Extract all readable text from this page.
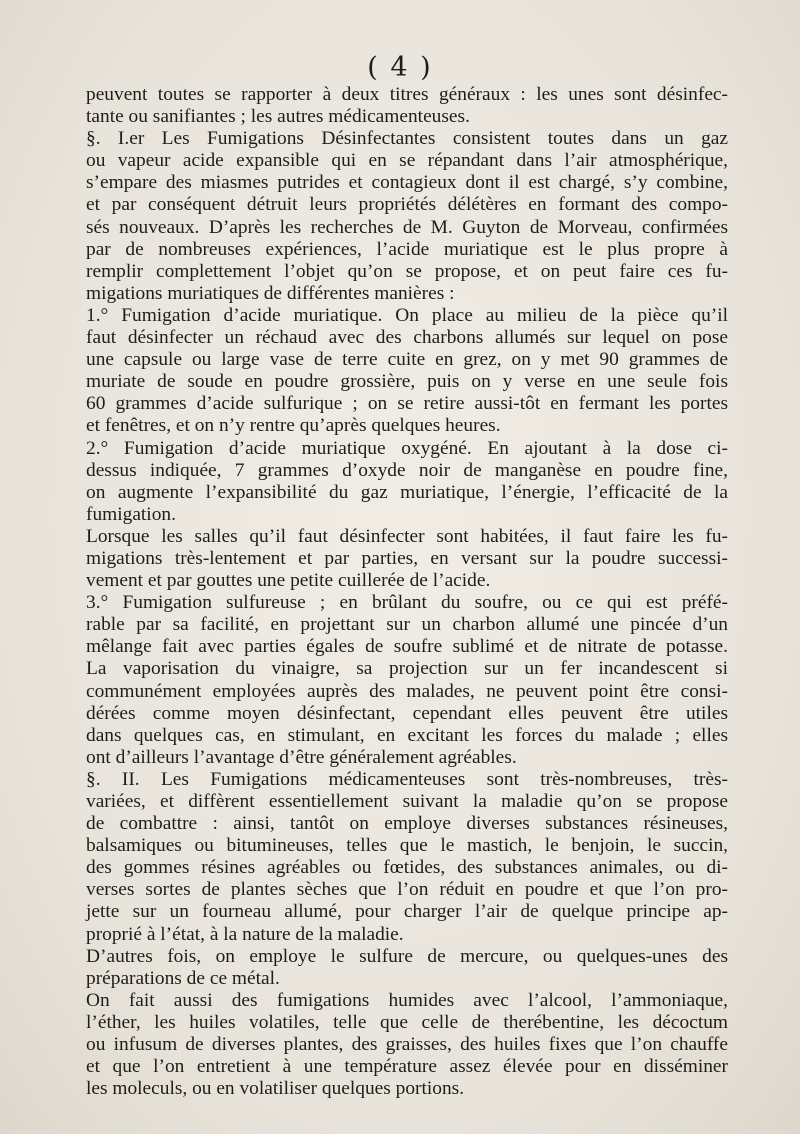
( 4 )
peuvent toutes se rapporter à deux titres généraux : les unes sont désinfec-
tante ou sanifiantes ; les autres médicamenteuses.
§. I.er Les Fumigations Désinfectantes consistent toutes dans un gaz
ou vapeur acide expansible qui en se répandant dans l’air atmosphérique,
s’empare des miasmes putrides et contagieux dont il est chargé, s’y combine,
et par conséquent détruit leurs propriétés délétères en formant des compo-
sés nouveaux. D’après les recherches de M. Guyton de Morveau, confirmées
par de nombreuses expériences, l’acide muriatique est le plus propre à
remplir complettement l’objet qu’on se propose, et on peut faire ces fu-
migations muriatiques de différentes manières :
1.° Fumigation d’acide muriatique. On place au milieu de la pièce qu’il
faut désinfecter un réchaud avec des charbons allumés sur lequel on pose
une capsule ou large vase de terre cuite en grez, on y met 90 grammes de
muriate de soude en poudre grossière, puis on y verse en une seule fois
60 grammes d’acide sulfurique ; on se retire aussi-tôt en fermant les portes
et fenêtres, et on n’y rentre qu’après quelques heures.
2.° Fumigation d’acide muriatique oxygéné. En ajoutant à la dose ci-
dessus indiquée, 7 grammes d’oxyde noir de manganèse en poudre fine,
on augmente l’expansibilité du gaz muriatique, l’énergie, l’efficacité de la
fumigation.
Lorsque les salles qu’il faut désinfecter sont habitées, il faut faire les fu-
migations très-lentement et par parties, en versant sur la poudre successi-
vement et par gouttes une petite cuillerée de l’acide.
3.° Fumigation sulfureuse ; en brûlant du soufre, ou ce qui est préfé-
rable par sa facilité, en projettant sur un charbon allumé une pincée d’un
mêlange fait avec parties égales de soufre sublimé et de nitrate de potasse.
La vaporisation du vinaigre, sa projection sur un fer incandescent si
communément employées auprès des malades, ne peuvent point être consi-
dérées comme moyen désinfectant, cependant elles peuvent être utiles
dans quelques cas, en stimulant, en excitant les forces du malade ; elles
ont d’ailleurs l’avantage d’être généralement agréables.
§. II. Les Fumigations médicamenteuses sont très-nombreuses, très-
variées, et diffèrent essentiellement suivant la maladie qu’on se propose
de combattre : ainsi, tantôt on employe diverses substances résineuses,
balsamiques ou bitumineuses, telles que le mastich, le benjoin, le succin,
des gommes résines agréables ou fœtides, des substances animales, ou di-
verses sortes de plantes sèches que l’on réduit en poudre et que l’on pro-
jette sur un fourneau allumé, pour charger l’air de quelque principe ap-
proprié à l’état, à la nature de la maladie.
D’autres fois, on employe le sulfure de mercure, ou quelques-unes des
préparations de ce métal.
On fait aussi des fumigations humides avec l’alcool, l’ammoniaque,
l’éther, les huiles volatiles, telle que celle de therébentine, les décoctum
ou infusum de diverses plantes, des graisses, des huiles fixes que l’on chauffe
et que l’on entretient à une température assez élevée pour en disséminer
les moleculs, ou en volatiliser quelques portions.
